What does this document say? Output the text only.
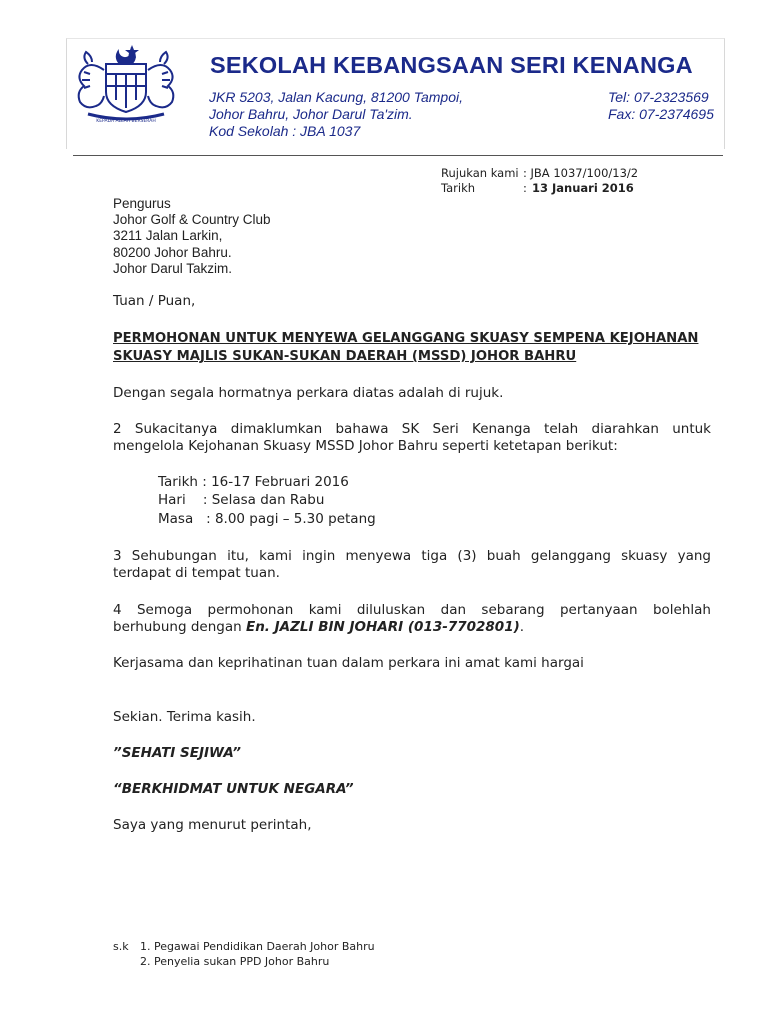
KEPADA ALLAH BERSERAH
SEKOLAH KEBANGSAAN SERI KENANGA
JKR 5203, Jalan Kacung, 81200 Tampoi,
Johor Bahru, Johor Darul Ta'zim.
Kod Sekolah : JBA 1037
Tel: 07-2323569
Fax: 07-2374695
Rujukan kami : JBA 1037/100/13/2
Tarikh	: 13 Januari 2016
Pengurus
Johor Golf & Country Club
3211 Jalan Larkin,
80200 Johor Bahru.
Johor Darul Takzim.
Tuan / Puan,
PERMOHONAN UNTUK MENYEWA GELANGGANG SKUASY SEMPENA KEJOHANAN
SKUASY MAJLIS SUKAN-SUKAN DAERAH (MSSD) JOHOR BAHRU
Dengan segala hormatnya perkara diatas adalah di rujuk.
2 Sukacitanya dimaklumkan bahawa SK Seri Kenanga telah diarahkan untuk
mengelola Kejohanan Skuasy MSSD Johor Bahru seperti ketetapan berikut:
Tarikh : 16-17 Februari 2016
Hari    : Selasa dan Rabu
Masa   : 8.00 pagi – 5.30 petang
3 Sehubungan itu, kami ingin menyewa tiga (3) buah gelanggang skuasy yang
terdapat di tempat tuan.
4 Semoga permohonan kami diluluskan dan sebarang pertanyaan bolehlah
berhubung dengan En. JAZLI BIN JOHARI (013-7702801).
Kerjasama dan keprihatinan tuan dalam perkara ini amat kami hargai
Sekian. Terima kasih.
”SEHATI SEJIWA”
“BERKHIDMAT UNTUK NEGARA”
Saya yang menurut perintah,
s.k 1. Pegawai Pendidikan Daerah Johor Bahru
2. Penyelia sukan PPD Johor Bahru
